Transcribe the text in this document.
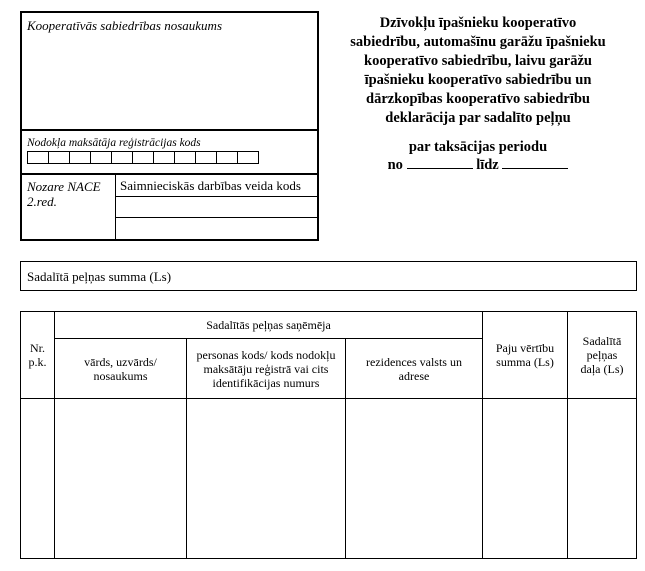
Kooperatīvās sabiedrības nosaukums
Nodokļa maksātāja reģistrācijas kods
Nozare NACE 2.red.
Saimnieciskās darbības veida kods
Dzīvokļu īpašnieku kooperatīvo
sabiedrību, automašīnu garāžu īpašnieku
kooperatīvo sabiedrību, laivu garāžu
īpašnieku kooperatīvo sabiedrību un
dārzkopības kooperatīvo sabiedrību
deklarācija par sadalīto peļņu
par taksācijas periodu
no	līdz
Sadalītā peļņas summa (Ls)
Nr. p.k.
Sadalītās peļņas saņēmēja
vārds, uzvārds/ nosaukums
personas kods/ kods nodokļu maksātāju reģistrā vai cits identifikācijas numurs
rezidences valsts un adrese
Paju vērtību summa (Ls)
Sadalītā peļņas daļa (Ls)
